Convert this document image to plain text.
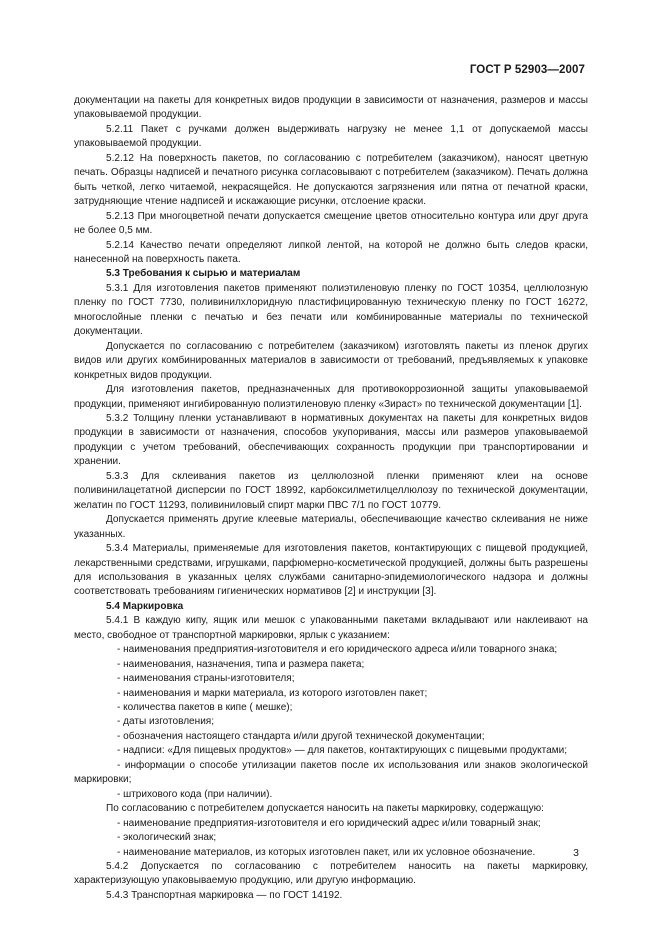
ГОСТ Р 52903—2007

документации на пакеты для конкретных видов продукции в зависимости от назначения, размеров и массы упаковываемой продукции.

5.2.11 Пакет с ручками должен выдерживать нагрузку не менее 1,1 от допускаемой массы упаковываемой продукции.

5.2.12 На поверхность пакетов, по согласованию с потребителем (заказчиком), наносят цветную печать. Образцы надписей и печатного рисунка согласовывают с потребителем (заказчиком). Печать должна быть четкой, легко читаемой, некрасящейся. Не допускаются загрязнения или пятна от печатной краски, затрудняющие чтение надписей и искажающие рисунки, отслоение краски.

5.2.13 При многоцветной печати допускается смещение цветов относительно контура или друг друга не более 0,5 мм.

5.2.14 Качество печати определяют липкой лентой, на которой не должно быть следов краски, нанесенной на поверхность пакета.

5.3 Требования к сырью и материалам

5.3.1 Для изготовления пакетов применяют полиэтиленовую пленку по ГОСТ 10354, целлюлозную пленку по ГОСТ 7730, поливинилхлоридную пластифицированную техническую пленку по ГОСТ 16272, многослойные пленки с печатью и без печати или комбинированные материалы по технической документации.

Допускается по согласованию с потребителем (заказчиком) изготовлять пакеты из пленок других видов или других комбинированных материалов в зависимости от требований, предъявляемых к упаковке конкретных видов продукции.

Для изготовления пакетов, предназначенных для противокоррозионной защиты упаковываемой продукции, применяют ингибированную полиэтиленовую пленку «Зираст» по технической документации [1].

5.3.2 Толщину пленки устанавливают в нормативных документах на пакеты для конкретных видов продукции в зависимости от назначения, способов укупоривания, массы или размеров упаковываемой продукции с учетом требований, обеспечивающих сохранность продукции при транспортировании и хранении.

5.3.3 Для склеивания пакетов из целлюлозной пленки применяют клеи на основе поливинилацетатной дисперсии по ГОСТ 18992, карбоксилметилцеллюлозу по технической документации, желатин по ГОСТ 11293, поливиниловый спирт марки ПВС 7/1 по ГОСТ 10779.

Допускается применять другие клеевые материалы, обеспечивающие качество склеивания не ниже указанных.

5.3.4 Материалы, применяемые для изготовления пакетов, контактирующих с пищевой продукцией, лекарственными средствами, игрушками, парфюмерно-косметической продукцией, должны быть разрешены для использования в указанных целях службами санитарно-эпидемиологического надзора и должны соответствовать требованиям гигиенических нормативов [2] и инструкции [3].

5.4 Маркировка

5.4.1 В каждую кипу, ящик или мешок с упакованными пакетами вкладывают или наклеивают на место, свободное от транспортной маркировки, ярлык с указанием:

- наименования предприятия-изготовителя и его юридического адреса и/или товарного знака;

- наименования, назначения, типа и размера пакета;

- наименования страны-изготовителя;

- наименования и марки материала, из которого изготовлен пакет;

- количества пакетов в кипе ( мешке);

- даты изготовления;

- обозначения настоящего стандарта и/или другой технической документации;

- надписи: «Для пищевых продуктов» — для пакетов, контактирующих с пищевыми продуктами;

- информации о способе утилизации пакетов после их использования или знаков экологической маркировки;

- штрихового кода (при наличии).

По согласованию с потребителем допускается наносить на пакеты маркировку, содержащую:

- наименование предприятия-изготовителя и его юридический адрес и/или товарный знак;

- экологический знак;

- наименование материалов, из которых изготовлен пакет, или их условное обозначение.

5.4.2 Допускается по согласованию с потребителем наносить на пакеты маркировку, характеризующую упаковываемую продукцию, или другую информацию.

5.4.3 Транспортная маркировка — по ГОСТ 14192.

3
